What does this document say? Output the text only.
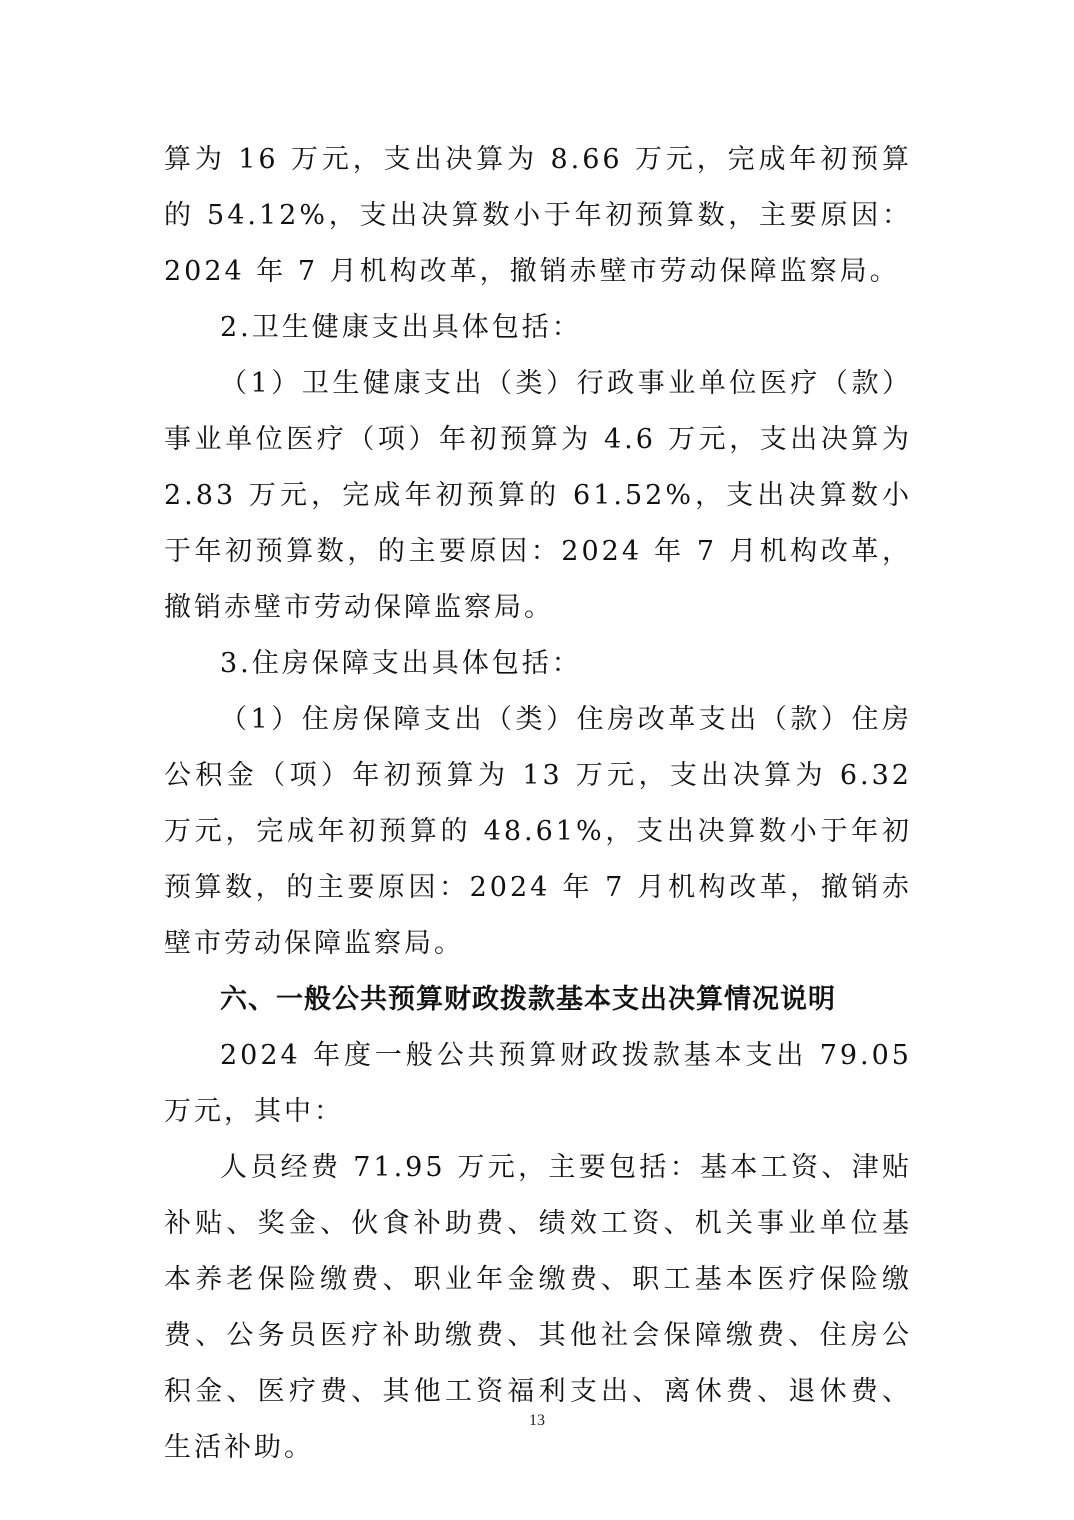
算为 16 万元，支出决算为 8.66 万元，完成年初预算的 54.12%，支出决算数小于年初预算数，主要原因：2024 年 7 月机构改革，撤销赤壁市劳动保障监察局。

2.卫生健康支出具体包括：

（1）卫生健康支出（类）行政事业单位医疗（款）事业单位医疗（项）年初预算为 4.6 万元，支出决算为 2.83 万元，完成年初预算的 61.52%，支出决算数小于年初预算数，的主要原因：2024 年 7 月机构改革，撤销赤壁市劳动保障监察局。

3.住房保障支出具体包括：

（1）住房保障支出（类）住房改革支出（款）住房公积金（项）年初预算为 13 万元，支出决算为 6.32 万元，完成年初预算的 48.61%，支出决算数小于年初预算数，的主要原因：2024 年 7 月机构改革，撤销赤壁市劳动保障监察局。

六、一般公共预算财政拨款基本支出决算情况说明

2024 年度一般公共预算财政拨款基本支出 79.05 万元，其中：

人员经费 71.95 万元，主要包括：基本工资、津贴补贴、奖金、伙食补助费、绩效工资、机关事业单位基本养老保险缴费、职业年金缴费、职工基本医疗保险缴费、公务员医疗补助缴费、其他社会保障缴费、住房公积金、医疗费、其他工资福利支出、离休费、退休费、生活补助。

13
